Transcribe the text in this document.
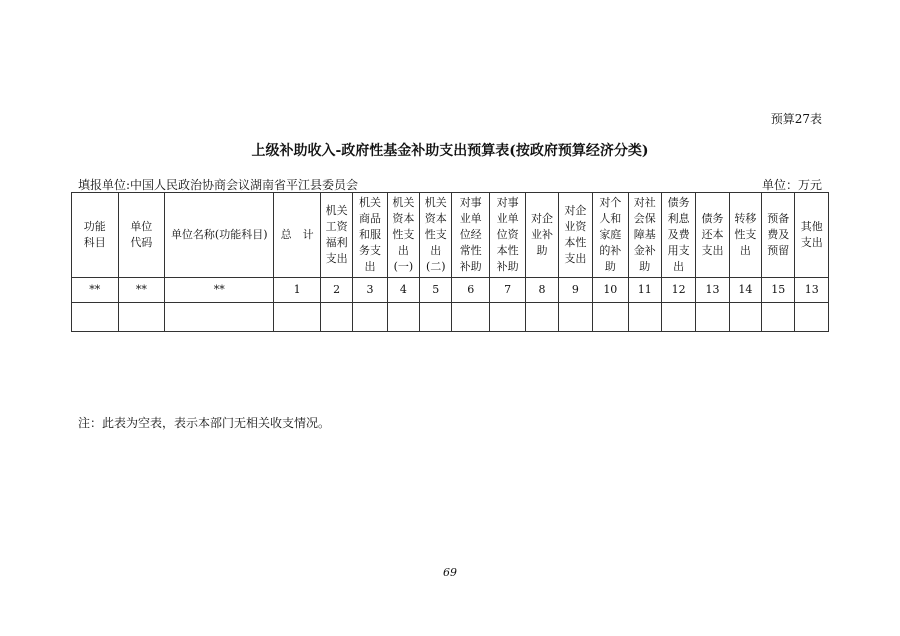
预算27表
上级补助收入-政府性基金补助支出预算表(按政府预算经济分类)
填报单位:中国人民政治协商会议湖南省平江县委员会	单位：万元
功能科目	单位代码	单位名称(功能科目)	总　计	机关工资福利支出	机关商品和服务支出	机关资本性支出(一)	机关资本性支出(二)	对事业单位经常性补助	对事业单位资本性补助	对企业补助	对企业资本性支出	对个人和家庭的补助	对社会保障基金补助	债务利息及费用支出	债务还本支出	转移性支出	预备费及预留	其他支出
**	**	**	1	2	3	4	5	6	7	8	9	10	11	12	13	14	15	13

注：此表为空表，表示本部门无相关收支情况。
69
